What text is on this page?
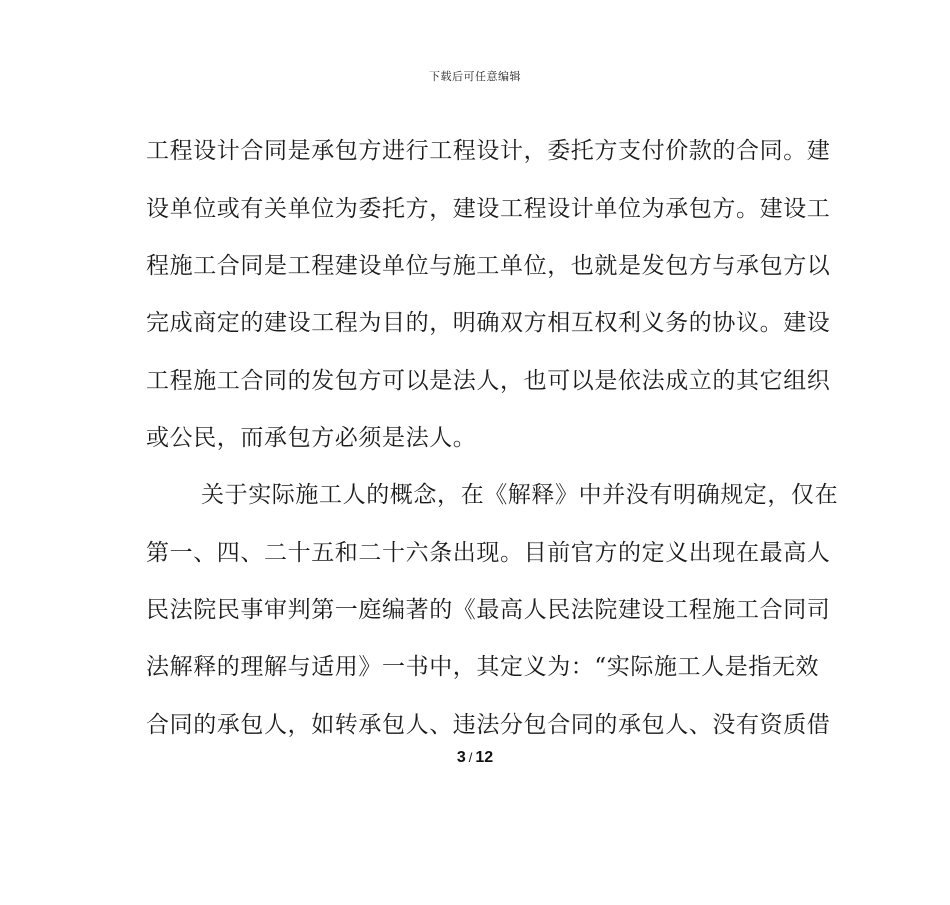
下载后可任意编辑
工程设计合同是承包方进行工程设计，委托方支付价款的合同。建
设单位或有关单位为委托方，建设工程设计单位为承包方。建设工
程施工合同是工程建设单位与施工单位，也就是发包方与承包方以
完成商定的建设工程为目的，明确双方相互权利义务的协议。建设
工程施工合同的发包方可以是法人，也可以是依法成立的其它组织
或公民，而承包方必须是法人。
关于实际施工人的概念，在《解释》中并没有明确规定，仅在
第一、四、二十五和二十六条出现。目前官方的定义出现在最高人
民法院民事审判第一庭编著的《最高人民法院建设工程施工合同司
法解释的理解与适用》一书中，其定义为：“实际施工人是指无效
合同的承包人，如转承包人、违法分包合同的承包人、没有资质借
3 / 12
